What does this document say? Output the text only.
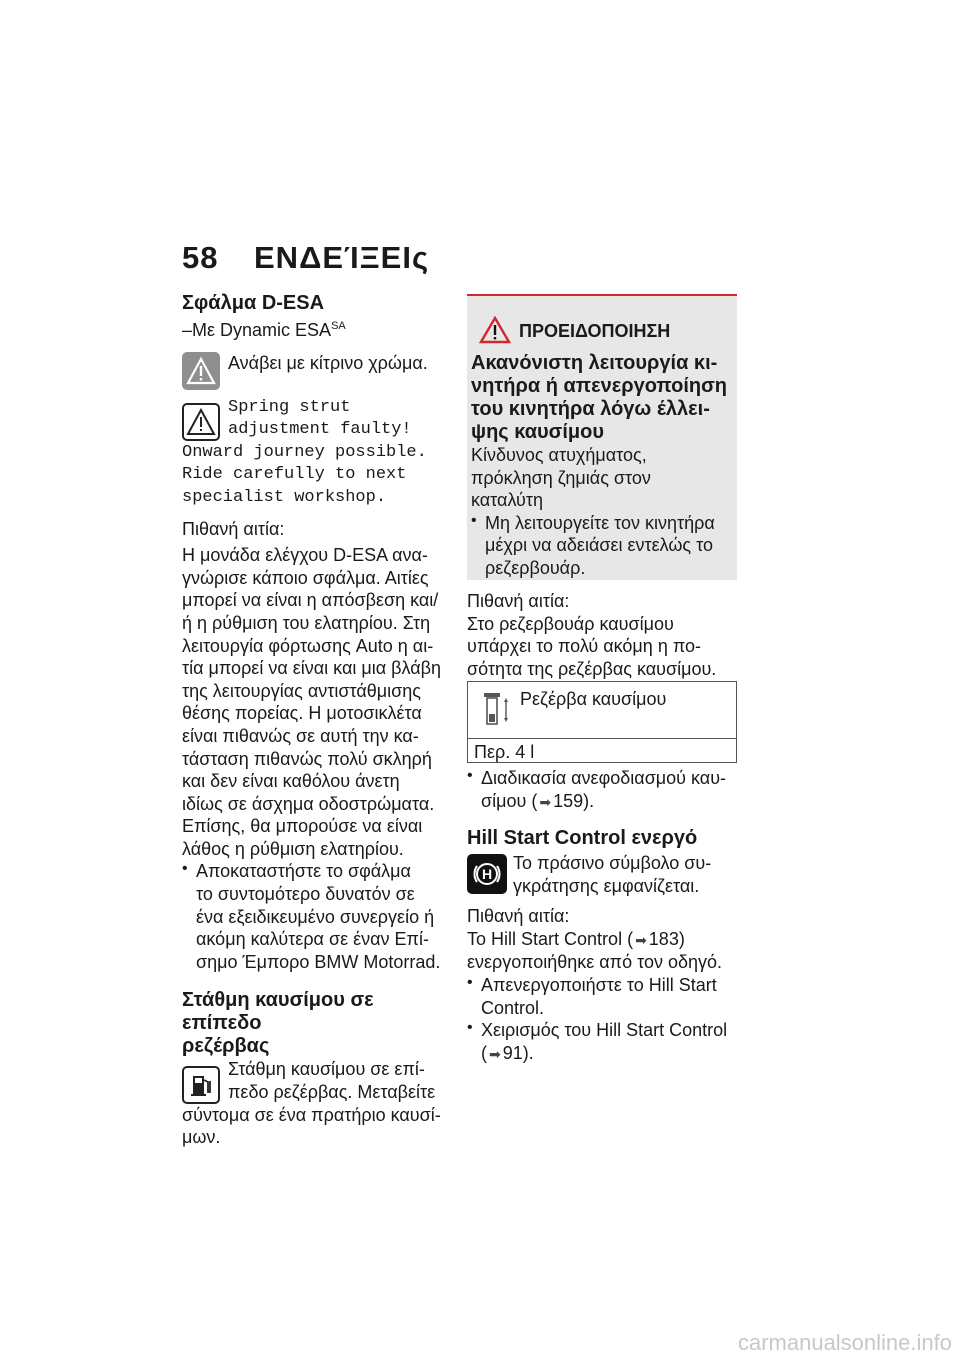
58 ΕΝΔΕΊΞΕΙς

Σφάλμα D-ESA

–Με Dynamic $ESA^{SA}$

Ανάβει με κίτρινο χρώμα.

Spring strut
adjustment faulty!
Onward journey possible.
Ride carefully to next
specialist workshop.

Πιθανή αιτία:

Η μονάδα ελέγχου D-ESA ανα-
γνώρισε κάποιο σφάλμα. Αιτίες
μπορεί να είναι η απόσβεση και/
ή η ρύθμιση του ελατηρίου. Στη
λειτουργία φόρτωσης Auto η αι-
τία μπορεί να είναι και μια βλάβη
της λειτουργίας αντιστάθμισης
θέσης πορείας. Η μοτοσικλέτα
είναι πιθανώς σε αυτή την κα-
τάσταση πιθανώς πολύ σκληρή
και δεν είναι καθόλου άνετη
ιδίως σε άσχημα οδοστρώματα.
Επίσης, θα μπορούσε να είναι
λάθος η ρύθμιση ελατηρίου.
• Αποκαταστήστε το σφάλμα
το συντομότερο δυνατόν σε
ένα εξειδικευμένο συνεργείο ή
ακόμη καλύτερα σε έναν Επί-
σημο Έμπορο BMW Motorrad.

Στάθμη καυσίμου σε επίπεδο

ρεζέρβας

Στάθμη καυσίμου σε επί-
πεδο ρεζέρβας. Μεταβείτε
σύντομα σε ένα πρατήριο καυσί-
μων.
ΠΡΟΕΙΔΟΠΟΙΗΣΗ
Ακανόνιστη λειτουργία κι-
νητήρα ή απενεργοποίηση
του κινητήρα λόγω έλλει-
ψης καυσίμου
Κίνδυνος ατυχήματος,
πρόκληση ζημιάς στον
καταλύτη
• Μη λειτουργείτε τον κινητήρα
μέχρι να αδειάσει εντελώς το
ρεζερβουάρ.

Πιθανή αιτία:

Στο ρεζερβουάρ καυσίμου
υπάρχει το πολύ ακόμη η πο-
σότητα της ρεζέρβας καυσίμου.
Ρεζέρβα καυσίμου
Περ. 4 l
• Διαδικασία ανεφοδιασμού καυ-
σίμου ( ➡ 159).

Hill Start Control ενεργό

H
Το πράσινο σύμβολο συ-
γκράτησης εμφανίζεται.

Πιθανή αιτία:

Το Hill Start Control ( ➡ 183)
ενεργοποιήθηκε από τον οδηγό.
• Απενεργοποιήστε το Hill Start
Control.
• Χειρισμός του Hill Start Control
( ➡ 91).
carmanualsonline.info
